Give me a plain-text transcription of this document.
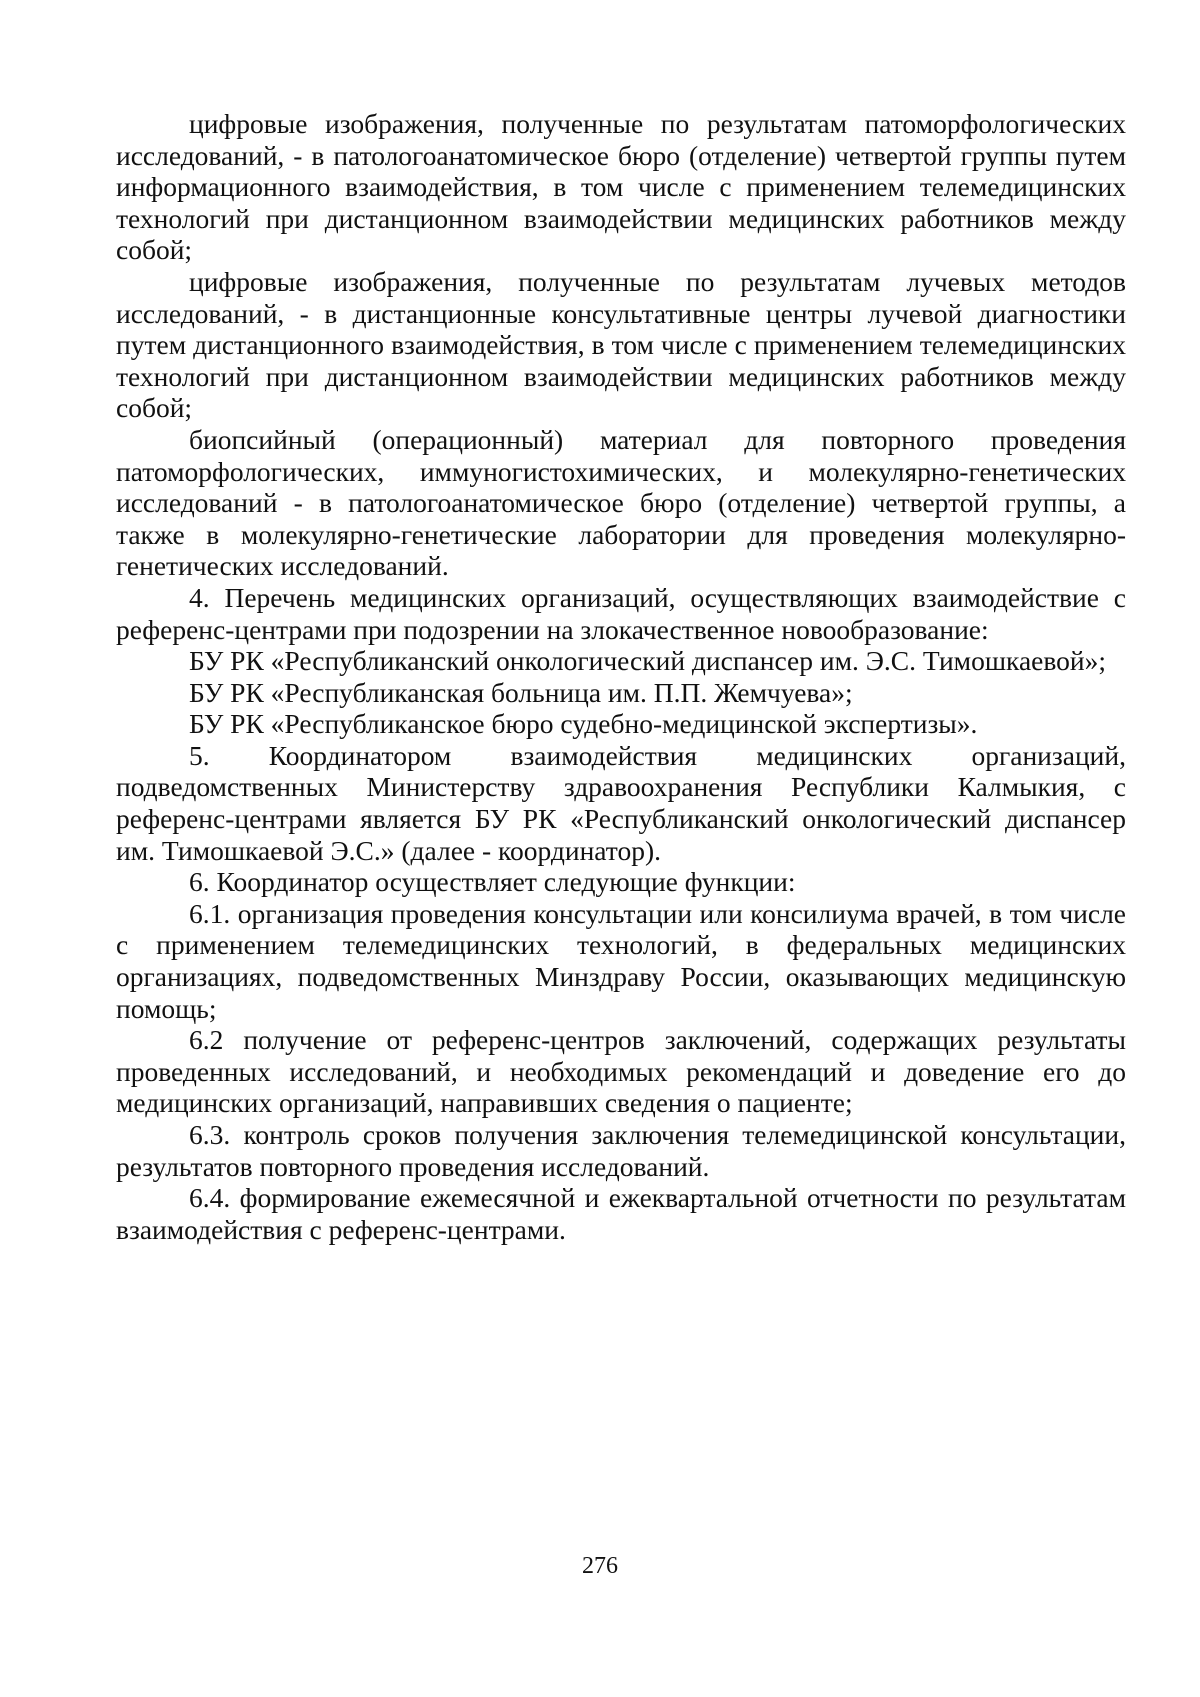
цифровые изображения, полученные по результатам патоморфологических исследований, - в патологоанатомическое бюро (отделение) четвертой группы путем информационного взаимодействия, в том числе с применением телемедицинских технологий при дистанционном взаимодействии медицинских работников между собой;

цифровые изображения, полученные по результатам лучевых методов исследований, - в дистанционные консультативные центры лучевой диагностики путем дистанционного взаимодействия, в том числе с применением телемедицинских технологий при дистанционном взаимодействии медицинских работников между собой;

биопсийный (операционный) материал для повторного проведения патоморфологических, иммуногистохимических, и молекулярно-генетических исследований - в патологоанатомическое бюро (отделение) четвертой группы, а также в молекулярно-генетические лаборатории для проведения молекулярно-генетических исследований.

4. Перечень медицинских организаций, осуществляющих взаимодействие с референс-центрами при подозрении на злокачественное новообразование:

БУ РК «Республиканский онкологический диспансер им. Э.С. Тимошкаевой»;

БУ РК «Республиканская больница им. П.П. Жемчуева»;

БУ РК «Республиканское бюро судебно-медицинской экспертизы».

5. Координатором взаимодействия медицинских организаций, подведомственных Министерству здравоохранения Республики Калмыкия, с референс-центрами является БУ РК «Республиканский онкологический диспансер им. Тимошкаевой Э.С.» (далее - координатор).

6. Координатор осуществляет следующие функции:

6.1. организация проведения консультации или консилиума врачей, в том числе с применением телемедицинских технологий, в федеральных медицинских организациях, подведомственных Минздраву России, оказывающих медицинскую помощь;

6.2 получение от референс-центров заключений, содержащих результаты проведенных исследований, и необходимых рекомендаций и доведение его до медицинских организаций, направивших сведения о пациенте;

6.3. контроль сроков получения заключения телемедицинской консультации, результатов повторного проведения исследований.

6.4. формирование ежемесячной и ежеквартальной отчетности по результатам взаимодействия с референс-центрами.

276
